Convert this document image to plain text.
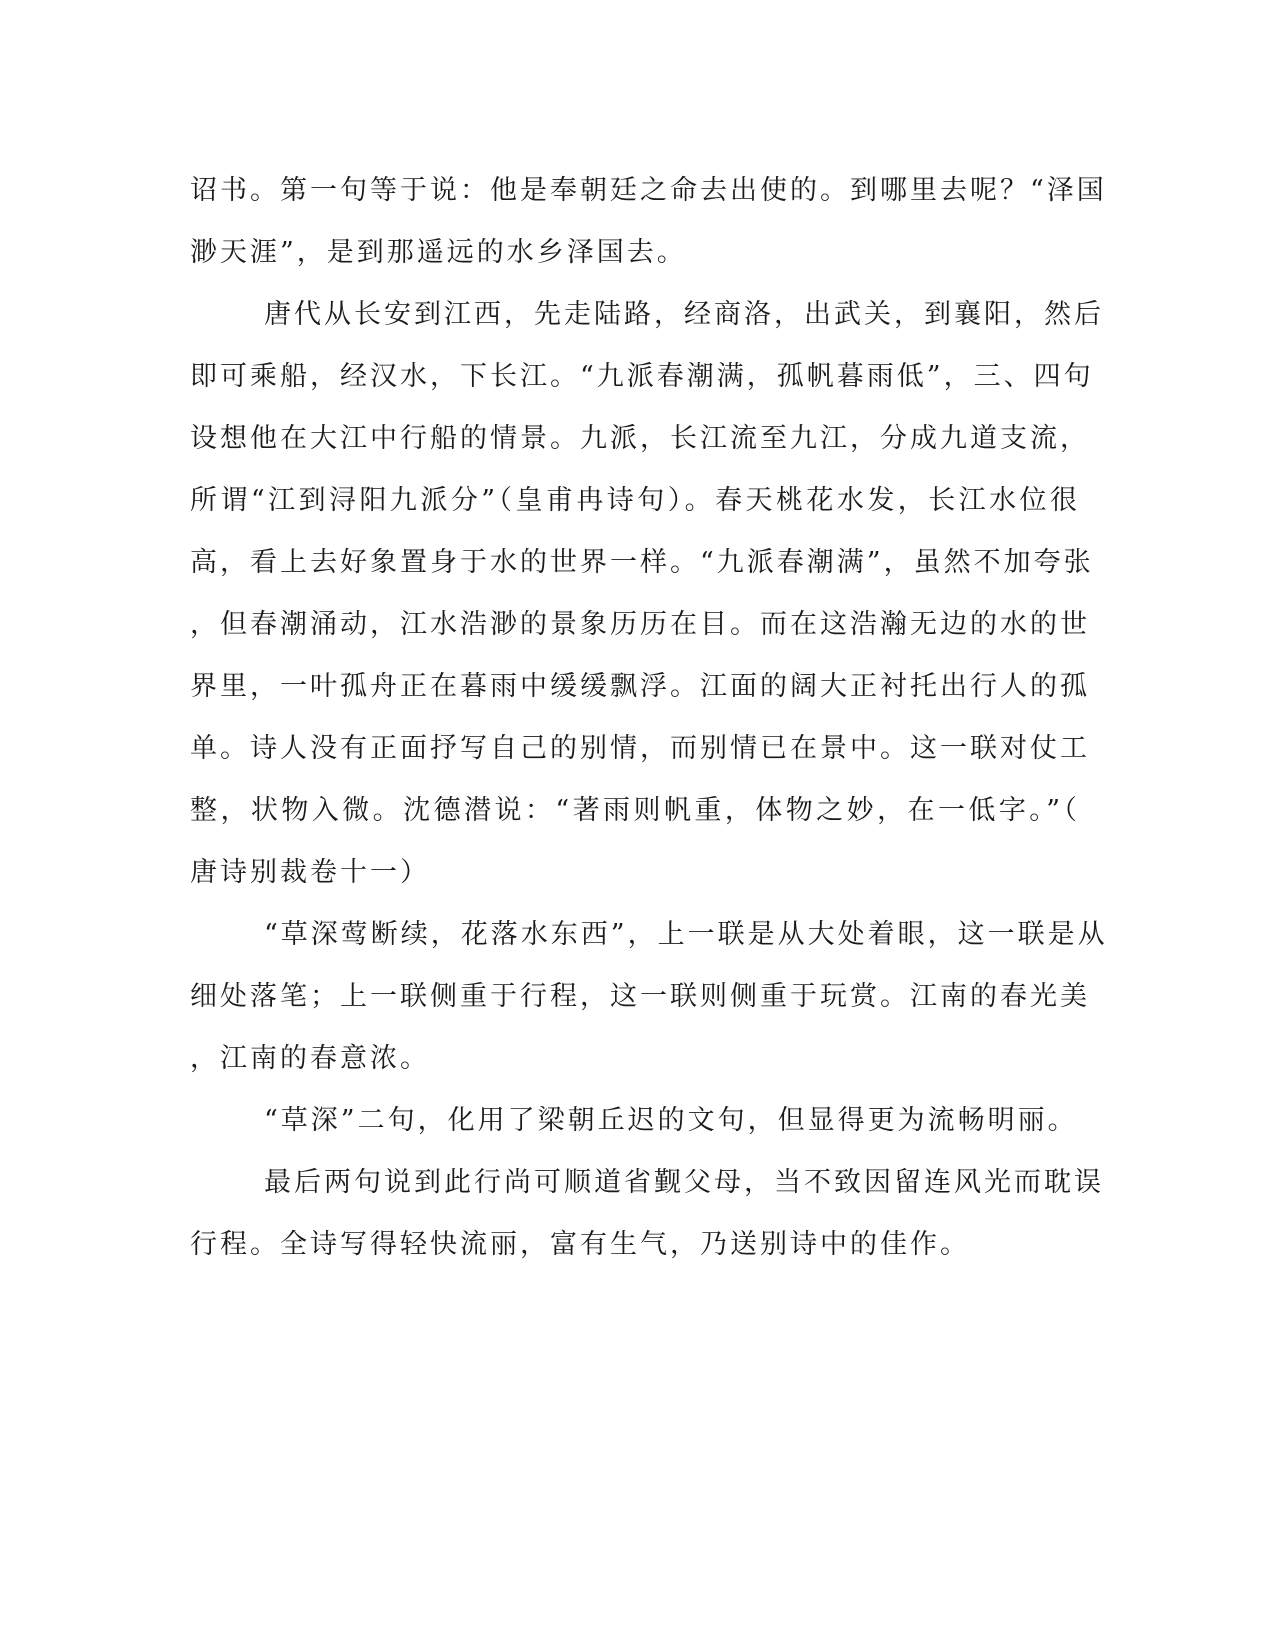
诏书。第一句等于说：他是奉朝廷之命去出使的。到哪里去呢？“泽国
渺天涯”，是到那遥远的水乡泽国去。
唐代从长安到江西，先走陆路，经商洛，出武关，到襄阳，然后
即可乘船，经汉水，下长江。“九派春潮满，孤帆暮雨低”，三、四句
设想他在大江中行船的情景。九派，长江流至九江，分成九道支流，
所谓“江到浔阳九派分”（皇甫冉诗句）。春天桃花水发，长江水位很
高，看上去好象置身于水的世界一样。“九派春潮满”，虽然不加夸张
，但春潮涌动，江水浩渺的景象历历在目。而在这浩瀚无边的水的世
界里，一叶孤舟正在暮雨中缓缓飘浮。江面的阔大正衬托出行人的孤
单。诗人没有正面抒写自己的别情，而别情已在景中。这一联对仗工
整，状物入微。沈德潜说：“著雨则帆重，体物之妙，在一低字。”（
唐诗别裁卷十一）
“草深莺断续，花落水东西”，上一联是从大处着眼，这一联是从
细处落笔；上一联侧重于行程，这一联则侧重于玩赏。江南的春光美
，江南的春意浓。
“草深”二句，化用了梁朝丘迟的文句，但显得更为流畅明丽。
最后两句说到此行尚可顺道省觐父母，当不致因留连风光而耽误
行程。全诗写得轻快流丽，富有生气，乃送别诗中的佳作。
